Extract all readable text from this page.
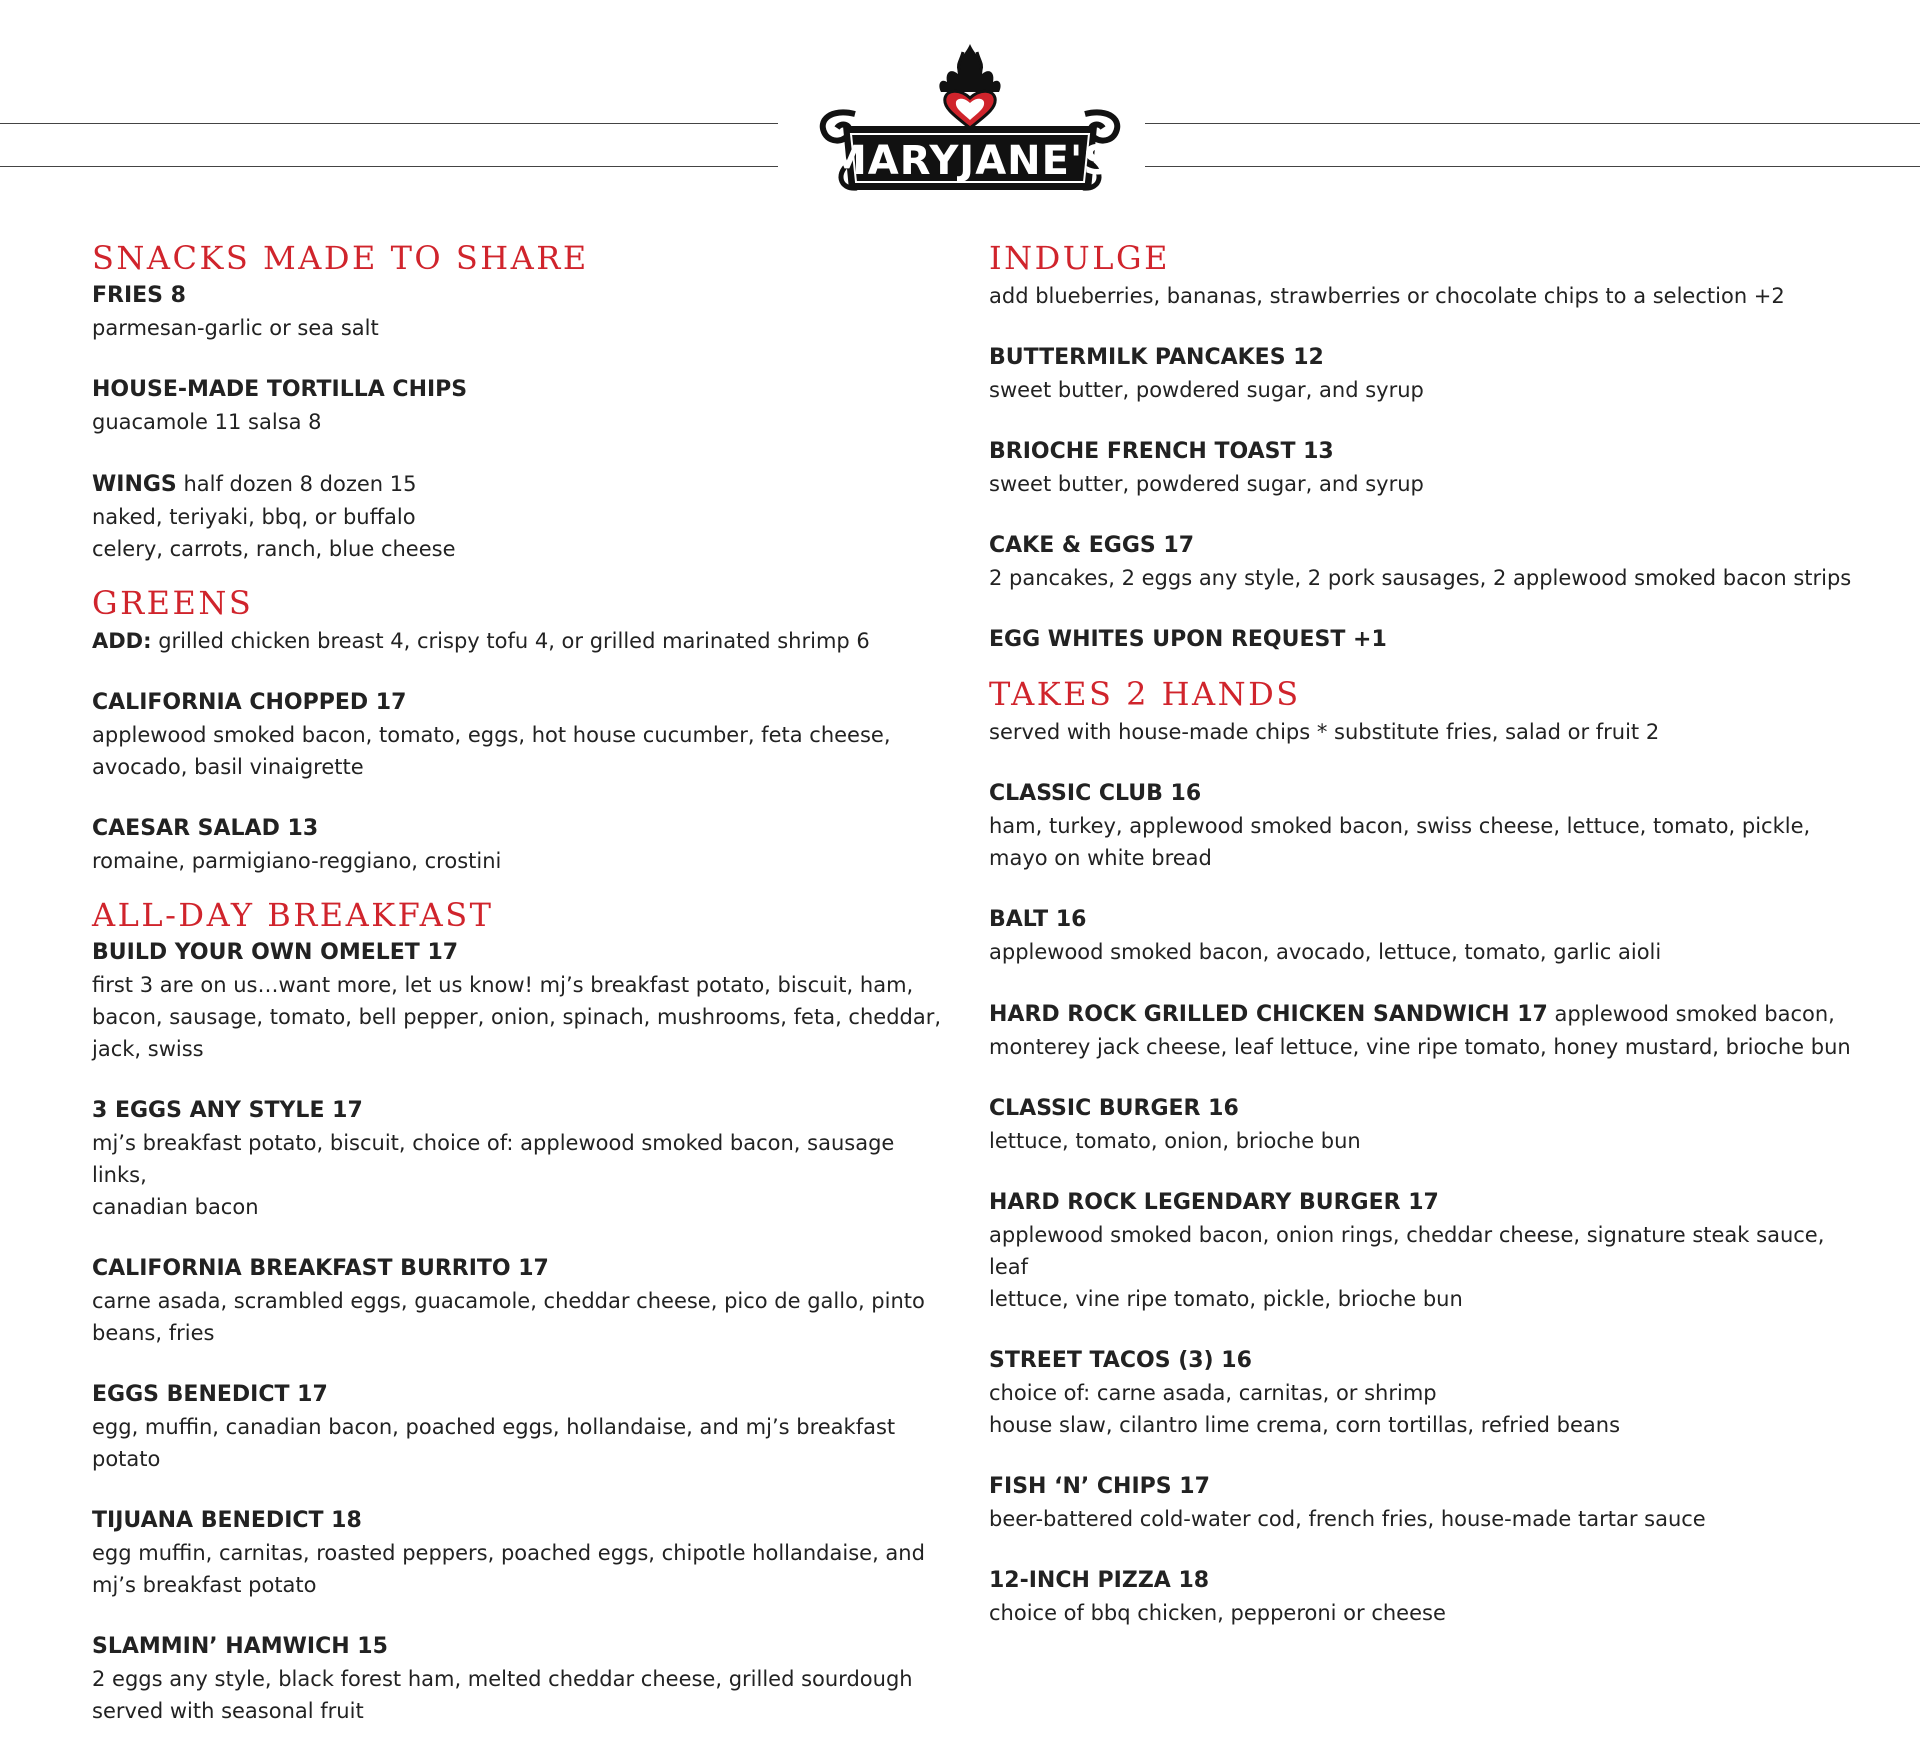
MARYJANE'S
SNACKS MADE TO SHARE
FRIES 8
parmesan-garlic or sea salt
HOUSE-MADE TORTILLA CHIPS
guacamole 11 salsa 8
WINGS half dozen 8 dozen 15
naked, teriyaki, bbq, or buffalo
celery, carrots, ranch, blue cheese
GREENS
ADD: grilled chicken breast 4, crispy tofu 4, or grilled marinated shrimp 6
CALIFORNIA CHOPPED 17
applewood smoked bacon, tomato, eggs, hot house cucumber, feta cheese,
avocado, basil vinaigrette
CAESAR SALAD 13
romaine, parmigiano-reggiano, crostini
ALL-DAY BREAKFAST
BUILD YOUR OWN OMELET 17
first 3 are on us…want more, let us know! mj’s breakfast potato, biscuit, ham,
bacon, sausage, tomato, bell pepper, onion, spinach, mushrooms, feta, cheddar,
jack, swiss
3 EGGS ANY STYLE 17
mj’s breakfast potato, biscuit, choice of: applewood smoked bacon, sausage links,
canadian bacon
CALIFORNIA BREAKFAST BURRITO 17
carne asada, scrambled eggs, guacamole, cheddar cheese, pico de gallo, pinto
beans, fries
EGGS BENEDICT 17
egg, muffin, canadian bacon, poached eggs, hollandaise, and mj’s breakfast potato
TIJUANA BENEDICT 18
egg muffin, carnitas, roasted peppers, poached eggs, chipotle hollandaise, and
mj’s breakfast potato
SLAMMIN’ HAMWICH 15
2 eggs any style, black forest ham, melted cheddar cheese, grilled sourdough
served with seasonal fruit
INDULGE
add blueberries, bananas, strawberries or chocolate chips to a selection +2
BUTTERMILK PANCAKES 12
sweet butter, powdered sugar, and syrup
BRIOCHE FRENCH TOAST 13
sweet butter, powdered sugar, and syrup
CAKE & EGGS 17
2 pancakes, 2 eggs any style, 2 pork sausages, 2 applewood smoked bacon strips
EGG WHITES UPON REQUEST +1
TAKES 2 HANDS
served with house-made chips * substitute fries, salad or fruit 2
CLASSIC CLUB 16
ham, turkey, applewood smoked bacon, swiss cheese, lettuce, tomato, pickle,
mayo on white bread
BALT 16
applewood smoked bacon, avocado, lettuce, tomato, garlic aioli
HARD ROCK GRILLED CHICKEN SANDWICH 17 applewood smoked bacon,
monterey jack cheese, leaf lettuce, vine ripe tomato, honey mustard, brioche bun
CLASSIC BURGER 16
lettuce, tomato, onion, brioche bun
HARD ROCK LEGENDARY BURGER 17
applewood smoked bacon, onion rings, cheddar cheese, signature steak sauce, leaf
lettuce, vine ripe tomato, pickle, brioche bun
STREET TACOS (3) 16
choice of: carne asada, carnitas, or shrimp
house slaw, cilantro lime crema, corn tortillas, refried beans
FISH ‘N’ CHIPS 17
beer-battered cold-water cod, french fries, house-made tartar sauce
12-INCH PIZZA 18
choice of bbq chicken, pepperoni or cheese
